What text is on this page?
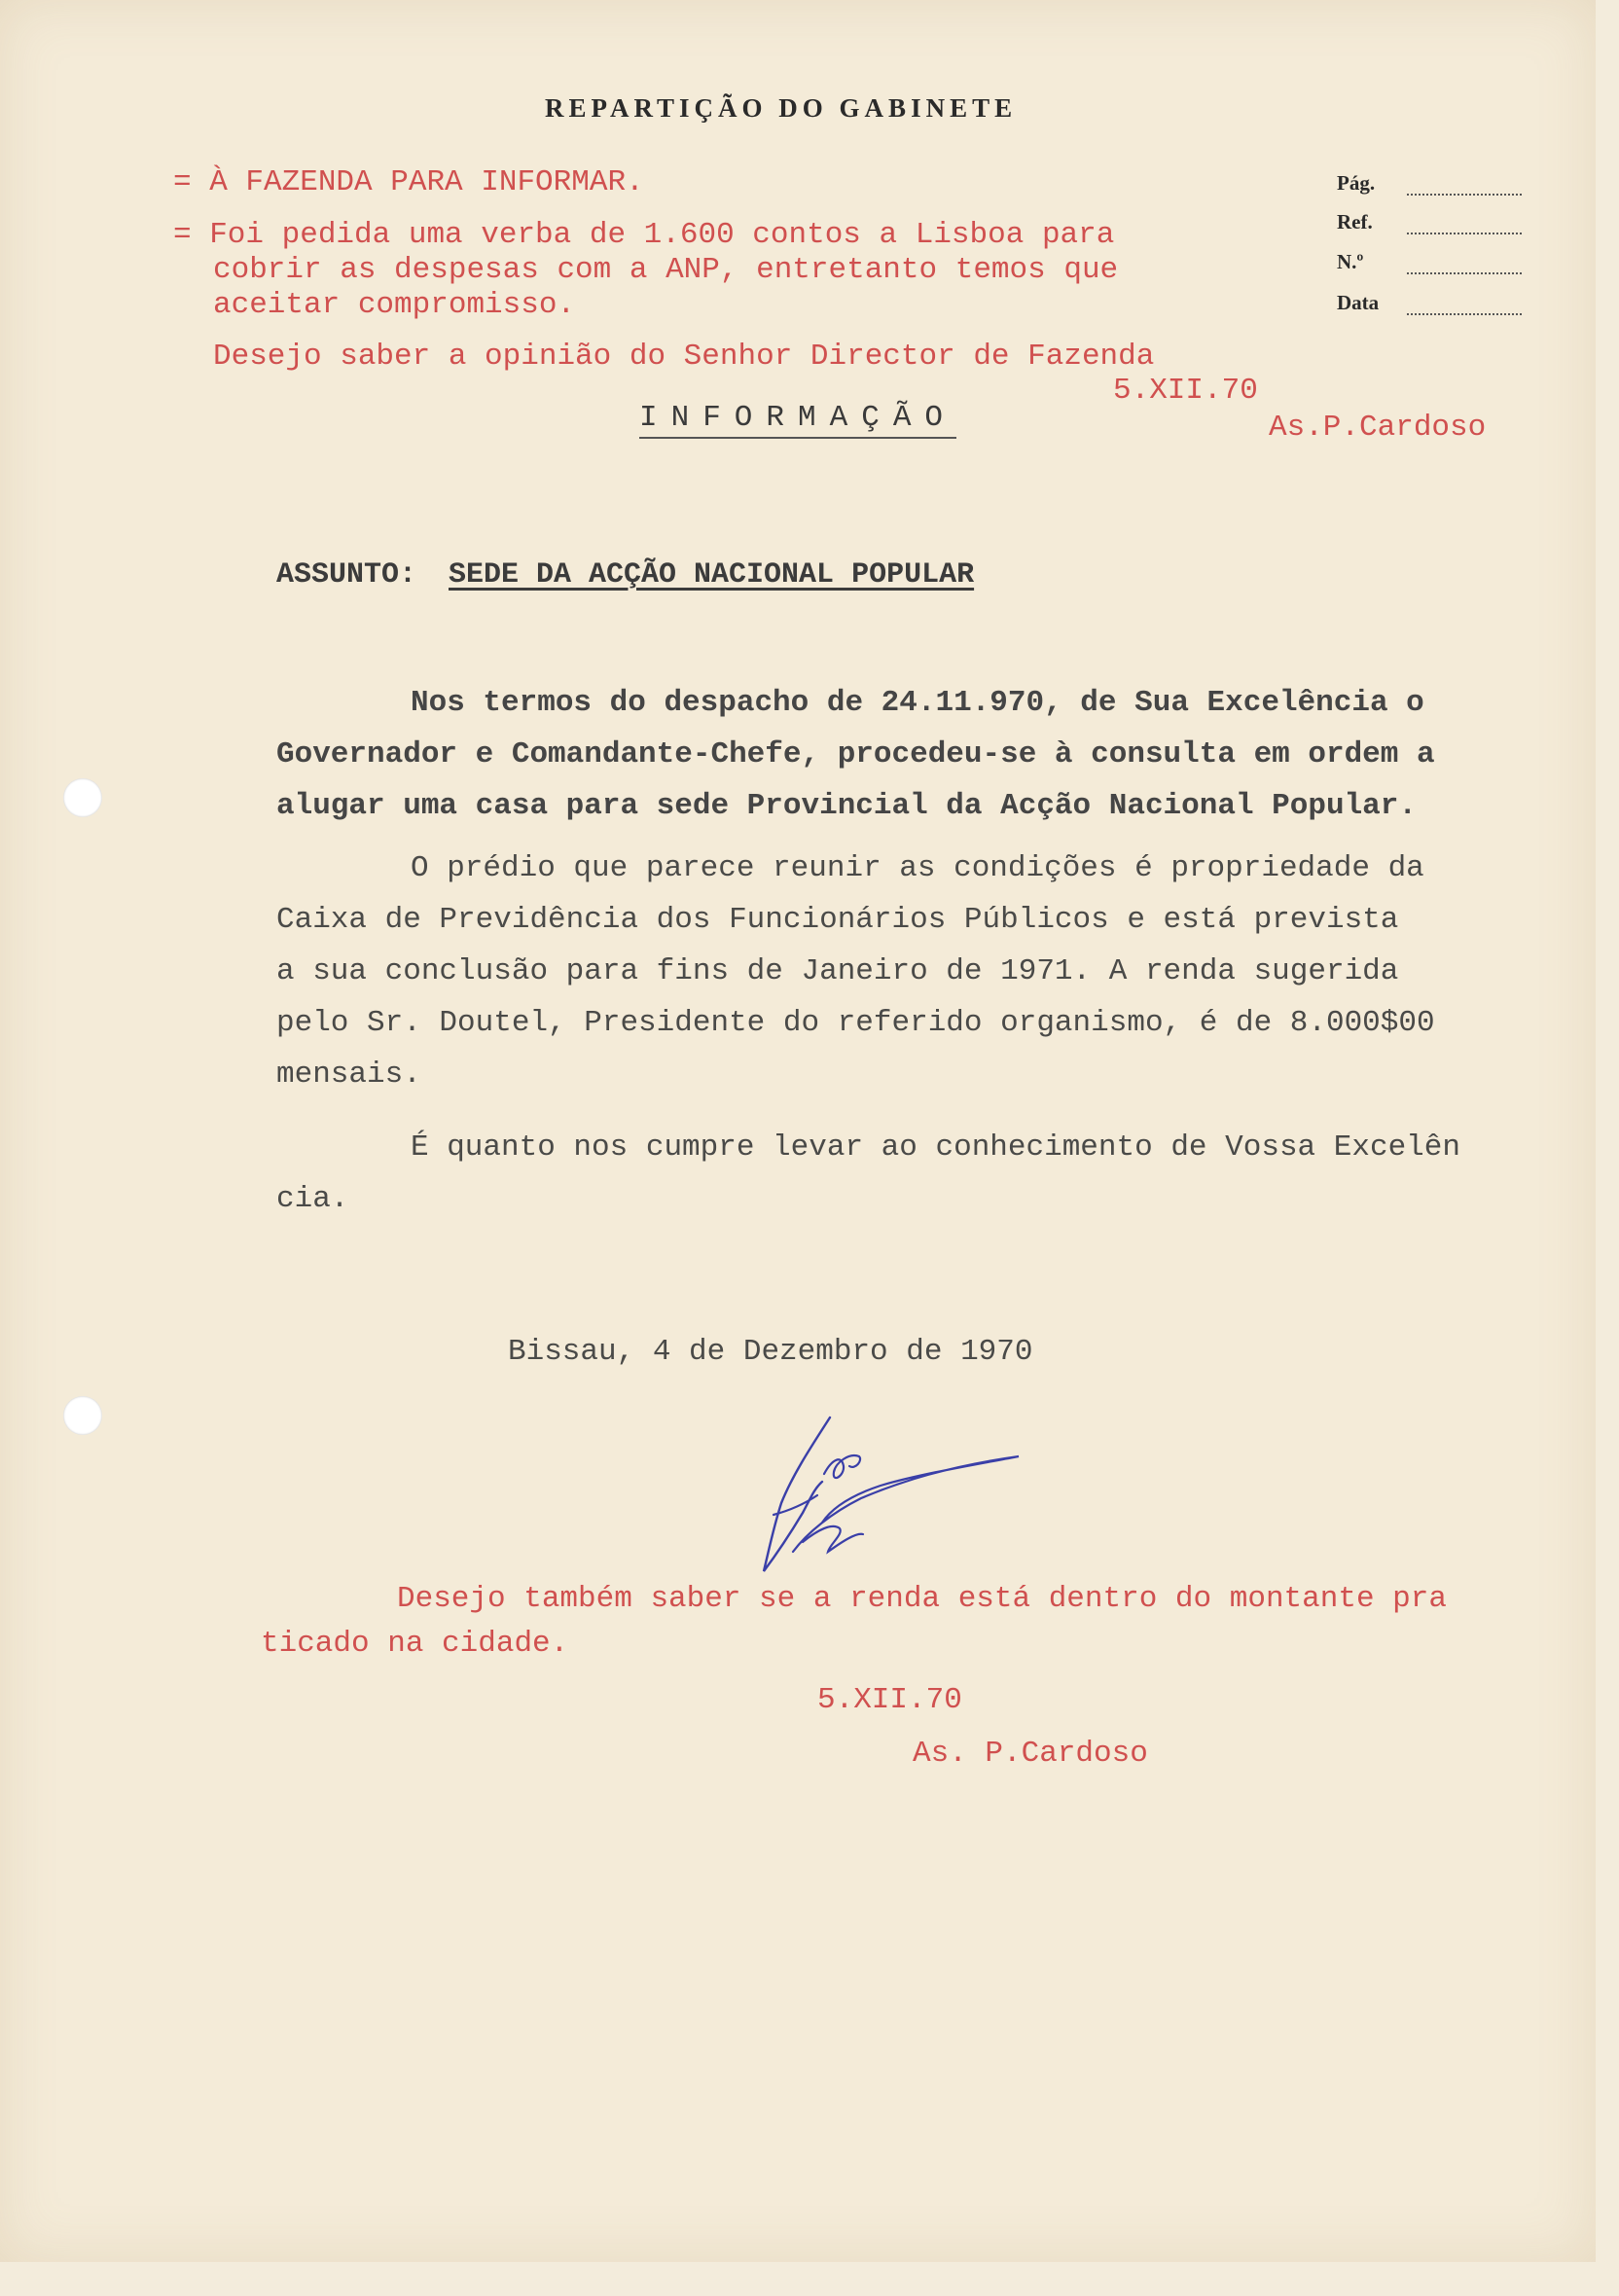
REPARTIÇÃO DO GABINETE
Pág.
Ref.
N.º
Data
= À FAZENDA PARA INFORMAR.
= Foi pedida uma verba de 1.600 contos a Lisboa para
cobrir as despesas com a ANP, entretanto temos que
aceitar compromisso.
Desejo saber a opinião do Senhor Director de Fazenda
5.XII.70
As.P.Cardoso
INFORMAÇÃO
ASSUNTO: SEDE DA ACÇÃO NACIONAL POPULAR
Nos termos do despacho de 24.11.970, de Sua Excelência o
Governador e Comandante-Chefe, procedeu-se à consulta em ordem a
alugar uma casa para sede Provincial da Acção Nacional Popular.
O prédio que parece reunir as condições é propriedade da
Caixa de Previdência dos Funcionários Públicos e está prevista
a sua conclusão para fins de Janeiro de 1971. A renda sugerida
pelo Sr. Doutel, Presidente do referido organismo, é de 8.000$00
mensais.
É quanto nos cumpre levar ao conhecimento de Vossa Excelên
cia.
Bissau, 4 de Dezembro de 1970
Desejo também saber se a renda está dentro do montante pra
ticado na cidade.
5.XII.70
As. P.Cardoso
